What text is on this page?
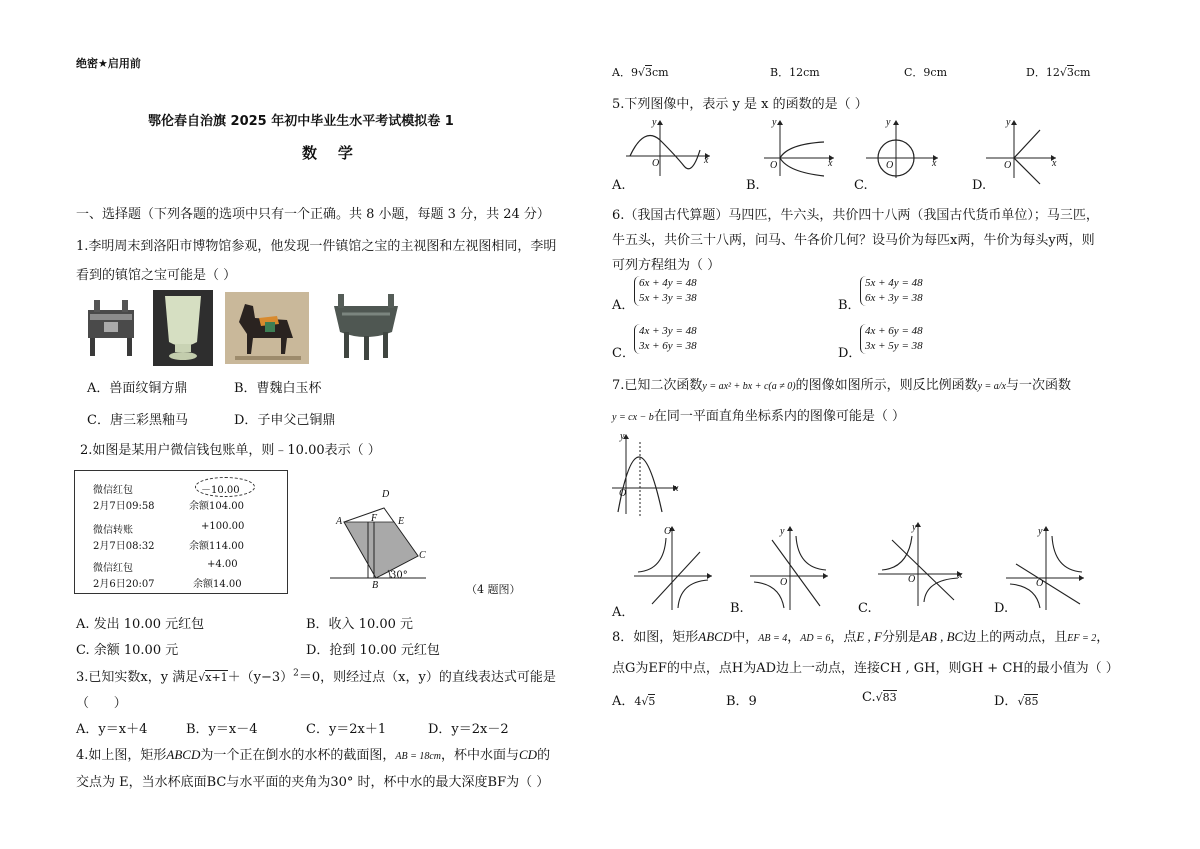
绝密★启用前
鄂伦春自治旗 2025 年初中毕业生水平考试模拟卷 1
数    学
一、选择题（下列各题的选项中只有一个正确。共 8 小题，每题 3 分，共 24 分）
1.李明周末到洛阳市博物馆参观，他发现一件镇馆之宝的主视图和左视图相同，李明
看到的镇馆之宝可能是（ ）
A．兽面纹铜方鼎	B．曹魏白玉杯
C．唐三彩黑釉马	D．子申父己铜鼎
2.如图是某用户微信钱包账单，则﹣10.00表示（ ）
微信红包	－10.00
2月7日09:58	余额104.00
微信转账	+100.00
2月7日08:32	余额114.00
微信红包	+4.00
2月6日20:07	余额14.00
A
D
F E
C
B
30°
（4 题图）
A. 发出 10.00 元红包	B．收入 10.00 元
C. 余额 10.00 元	D．抢到 10.00 元红包
3.已知实数x，y 满足$√x+1+(y-3)^2=0$，则经过点（x，y）的直线表达式可能是
（      ）
A．y＝x＋4	B．y＝x－4	C．y＝2x＋1	D．y＝2x－2
4.如上图，矩形ABCD为一个正在倒水的水杯的截面图，AB = 18cm，杯中水面与CD的
交点为 E，当水杯底面BC与水平面的夹角为30° 时，杯中水的最大深度BF为（ ）
A．9√3cm	B．12cm	C．9cm	D．12√3cm
5.下列图像中，表示 y 是 x 的函数的是（ ）
y
O	x
y
O	x
y
O	x
y
O	x
A.	B.	C.	D.
6.（我国古代算题）马四匹，牛六头，共价四十八两（我国古代货币单位）；马三匹，
牛五头，共价三十八两，问马、牛各价几何？设马价为每匹x两，牛价为每头y两，则
可列方程组为（ ）
A．
6x + 4y = 48
5x + 3y = 38	B．
5x + 4y = 48
6x + 3y = 38
C．
4x + 3y = 48
3x + 6y = 38	D．
4x + 6y = 48
3x + 5y = 38
7.已知二次函数y = ax² + bx + c(a ≠ 0)的图像如图所示，则反比例函数y = a/x与一次函数
y = cx − b在同一平面直角坐标系内的图像可能是（ ）
y
O	x
O	y
O
y
O	x
y
O
A．	B.	C.	D.
8．如图，矩形ABCD中，AB = 4，AD = 6，点E , F分别是AB , BC边上的两动点，且EF = 2，
点G为EF的中点，点H为AD边上一动点，连接CH , GH，则GH + CH的最小值为（ ）
A．4√5	B．9	C.√83	D．√85
